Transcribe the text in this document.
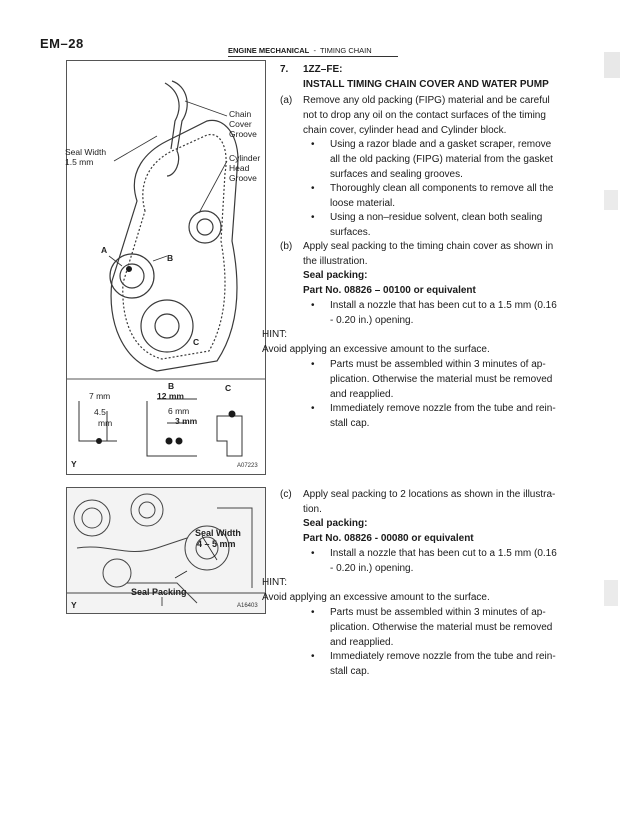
EM–28	ENGINE MECHANICAL - TIMING CHAIN
Chain
Cover
Groove
Seal Width
1.5 mm	Cylinder
Head
Groove
A
B
C
7 mm
4.5
mm
B
12 mm
6 mm
3 mm
C
Y	A07223
Seal Width
4 – 5 mm
Seal Packing
Y	A16403
7. 1ZZ–FE:
INSTALL TIMING CHAIN COVER AND WATER PUMP
(a) Remove any old packing (FIPG) material and be careful
not to drop any oil on the contact surfaces of the timing
chain cover, cylinder head and Cylinder block.
• Using a razor blade and a gasket scraper, remove
all the old packing (FIPG) material from the gasket
surfaces and sealing grooves.
• Thoroughly clean all components to remove all the
loose material.
• Using a non–residue solvent, clean both sealing
surfaces.
(b) Apply seal packing to the timing chain cover as shown in
the illustration.
Seal packing:
Part No. 08826 – 00100 or equivalent
• Install a nozzle that has been cut to a 1.5 mm (0.16
- 0.20 in.) opening.
HINT:
Avoid applying an excessive amount to the surface.
• Parts must be assembled within 3 minutes of ap-
plication. Otherwise the material must be removed
and reapplied.
• Immediately remove nozzle from the tube and rein-
stall cap.
(c) Apply seal packing to 2 locations as shown in the illustra-
tion.
Seal packing:
Part No. 08826 - 00080 or equivalent
• Install a nozzle that has been cut to a 1.5 mm (0.16
- 0.20 in.) opening.
HINT:
Avoid applying an excessive amount to the surface.
• Parts must be assembled within 3 minutes of ap-
plication. Otherwise the material must be removed
and reapplied.
• Immediately remove nozzle from the tube and rein-
stall cap.
